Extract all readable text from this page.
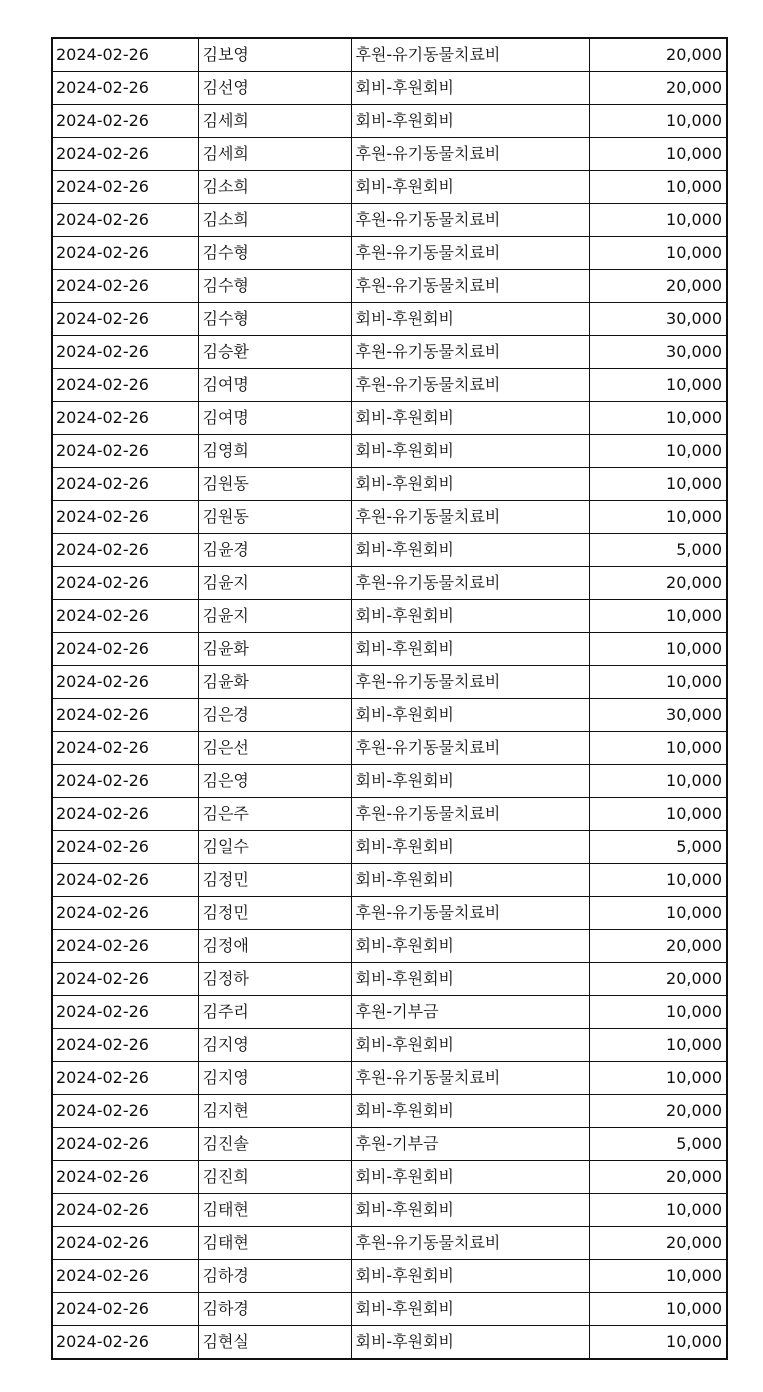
2024-02-26	김보영	후원-유기동물치료비	20,000
2024-02-26	김선영	회비-후원회비	20,000
2024-02-26	김세희	회비-후원회비	10,000
2024-02-26	김세희	후원-유기동물치료비	10,000
2024-02-26	김소희	회비-후원회비	10,000
2024-02-26	김소희	후원-유기동물치료비	10,000
2024-02-26	김수형	후원-유기동물치료비	10,000
2024-02-26	김수형	후원-유기동물치료비	20,000
2024-02-26	김수형	회비-후원회비	30,000
2024-02-26	김승환	후원-유기동물치료비	30,000
2024-02-26	김여명	후원-유기동물치료비	10,000
2024-02-26	김여명	회비-후원회비	10,000
2024-02-26	김영희	회비-후원회비	10,000
2024-02-26	김원동	회비-후원회비	10,000
2024-02-26	김원동	후원-유기동물치료비	10,000
2024-02-26	김윤경	회비-후원회비	5,000
2024-02-26	김윤지	후원-유기동물치료비	20,000
2024-02-26	김윤지	회비-후원회비	10,000
2024-02-26	김윤화	회비-후원회비	10,000
2024-02-26	김윤화	후원-유기동물치료비	10,000
2024-02-26	김은경	회비-후원회비	30,000
2024-02-26	김은선	후원-유기동물치료비	10,000
2024-02-26	김은영	회비-후원회비	10,000
2024-02-26	김은주	후원-유기동물치료비	10,000
2024-02-26	김일수	회비-후원회비	5,000
2024-02-26	김정민	회비-후원회비	10,000
2024-02-26	김정민	후원-유기동물치료비	10,000
2024-02-26	김정애	회비-후원회비	20,000
2024-02-26	김정하	회비-후원회비	20,000
2024-02-26	김주리	후원-기부금	10,000
2024-02-26	김지영	회비-후원회비	10,000
2024-02-26	김지영	후원-유기동물치료비	10,000
2024-02-26	김지현	회비-후원회비	20,000
2024-02-26	김진솔	후원-기부금	5,000
2024-02-26	김진희	회비-후원회비	20,000
2024-02-26	김태현	회비-후원회비	10,000
2024-02-26	김태현	후원-유기동물치료비	20,000
2024-02-26	김하경	회비-후원회비	10,000
2024-02-26	김하경	회비-후원회비	10,000
2024-02-26	김현실	회비-후원회비	10,000
